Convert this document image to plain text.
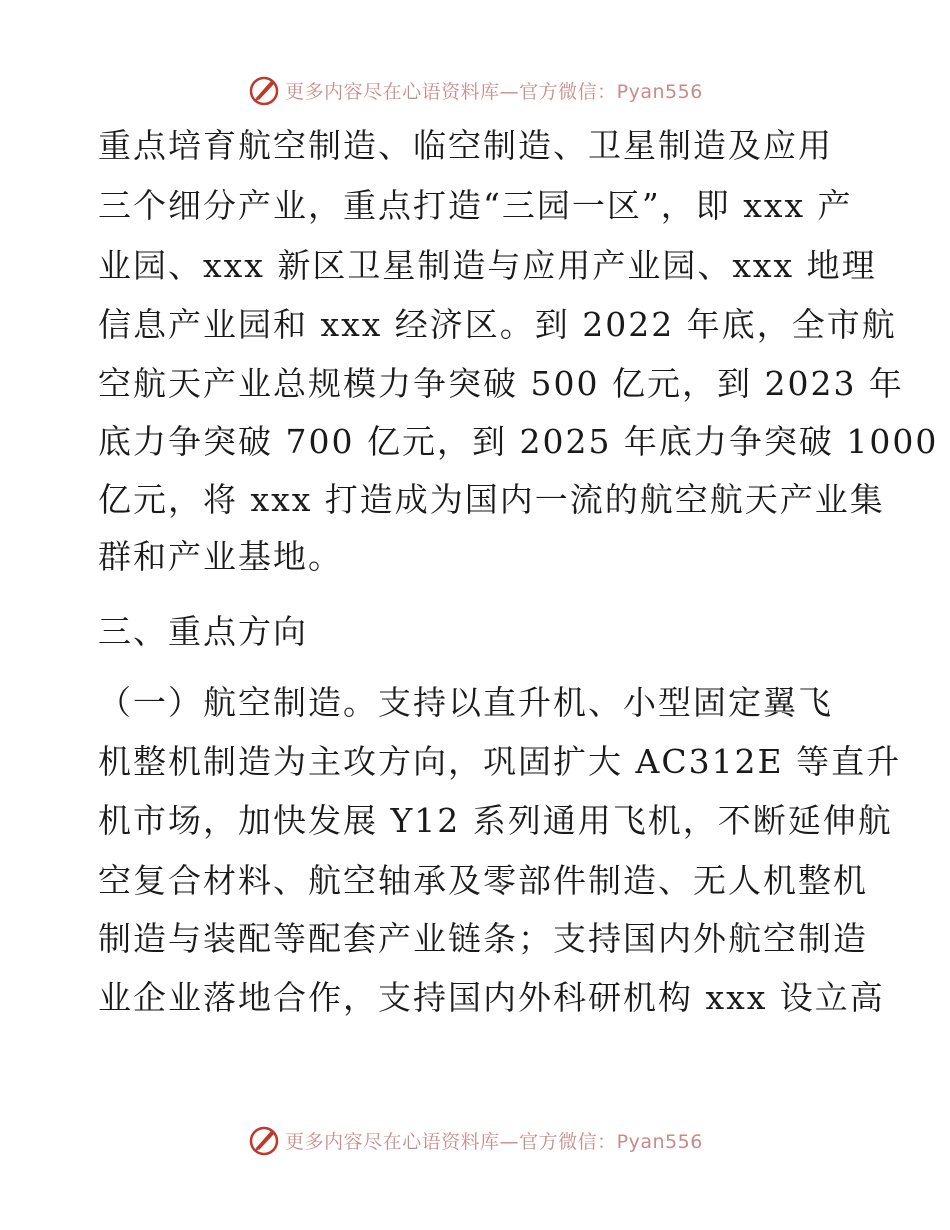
更多内容尽在心语资料库—官方微信：Pyan556
重点培育航空制造、临空制造、卫星制造及应用
三个细分产业，重点打造“三园一区”，即 xxx 产
业园、xxx 新区卫星制造与应用产业园、xxx 地理
信息产业园和 xxx 经济区。到 2022 年底，全市航
空航天产业总规模力争突破 500 亿元，到 2023 年
底力争突破 700 亿元，到 2025 年底力争突破 1000
亿元，将 xxx 打造成为国内一流的航空航天产业集
群和产业基地。
三、重点方向
（一）航空制造。支持以直升机、小型固定翼飞
机整机制造为主攻方向，巩固扩大 AC312E 等直升
机市场，加快发展 Y12 系列通用飞机，不断延伸航
空复合材料、航空轴承及零部件制造、无人机整机
制造与装配等配套产业链条；支持国内外航空制造
业企业落地合作，支持国内外科研机构 xxx 设立高
更多内容尽在心语资料库—官方微信：Pyan556
